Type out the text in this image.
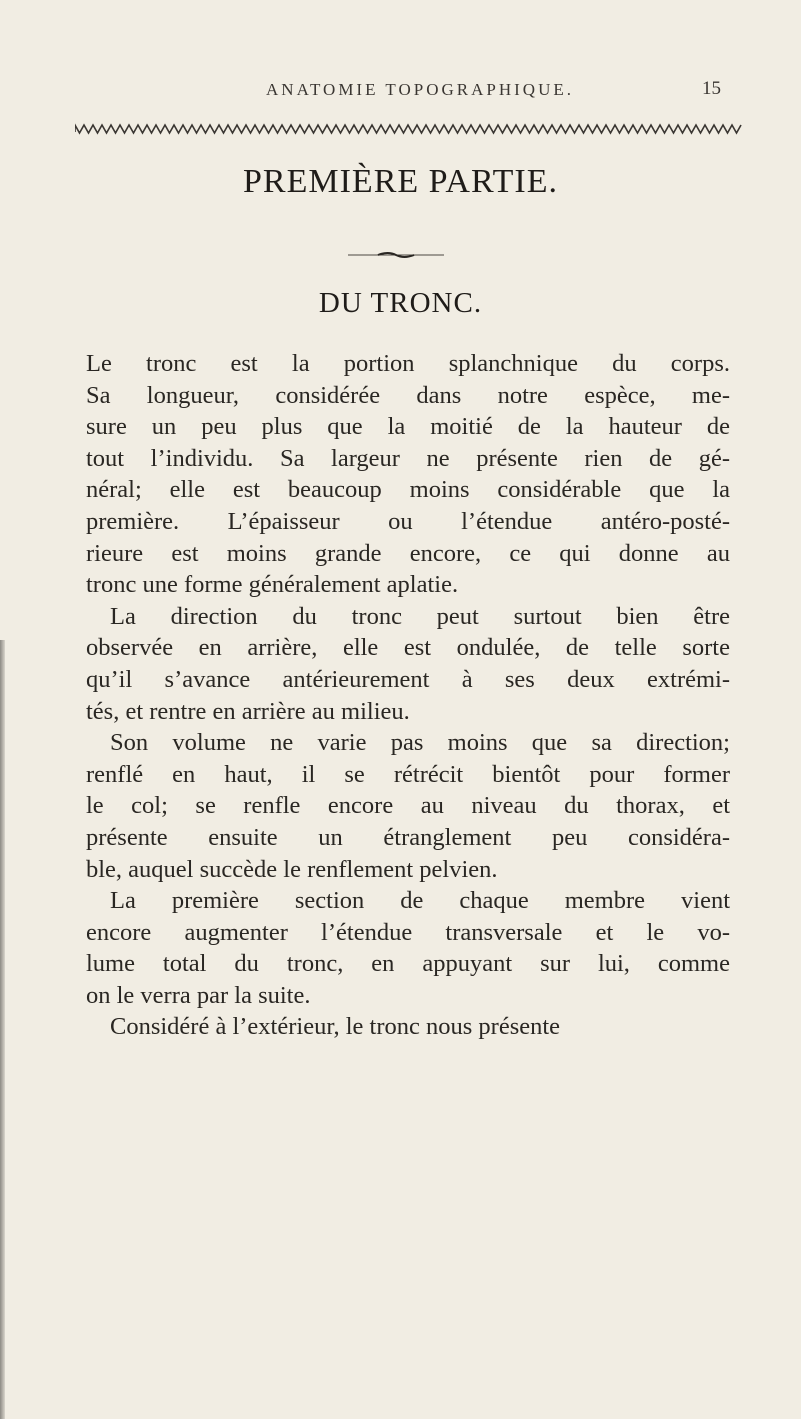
ANATOMIE TOPOGRAPHIQUE.	15
PREMIÈRE PARTIE.
DU TRONC.
Le tronc est la portion splanchnique du corps.
Sa longueur, considérée dans notre espèce, me-
sure un peu plus que la moitié de la hauteur de
tout l’individu. Sa largeur ne présente rien de gé-
néral; elle est beaucoup moins considérable que la
première. L’épaisseur ou l’étendue antéro-posté-
rieure est moins grande encore, ce qui donne au
tronc une forme généralement aplatie.
La direction du tronc peut surtout bien être
observée en arrière, elle est ondulée, de telle sorte
qu’il s’avance antérieurement à ses deux extrémi-
tés, et rentre en arrière au milieu.
Son volume ne varie pas moins que sa direction;
renflé en haut, il se rétrécit bientôt pour former
le col; se renfle encore au niveau du thorax, et
présente ensuite un étranglement peu considéra-
ble, auquel succède le renflement pelvien.
La première section de chaque membre vient
encore augmenter l’étendue transversale et le vo-
lume total du tronc, en appuyant sur lui, comme
on le verra par la suite.
Considéré à l’extérieur, le tronc nous présente
